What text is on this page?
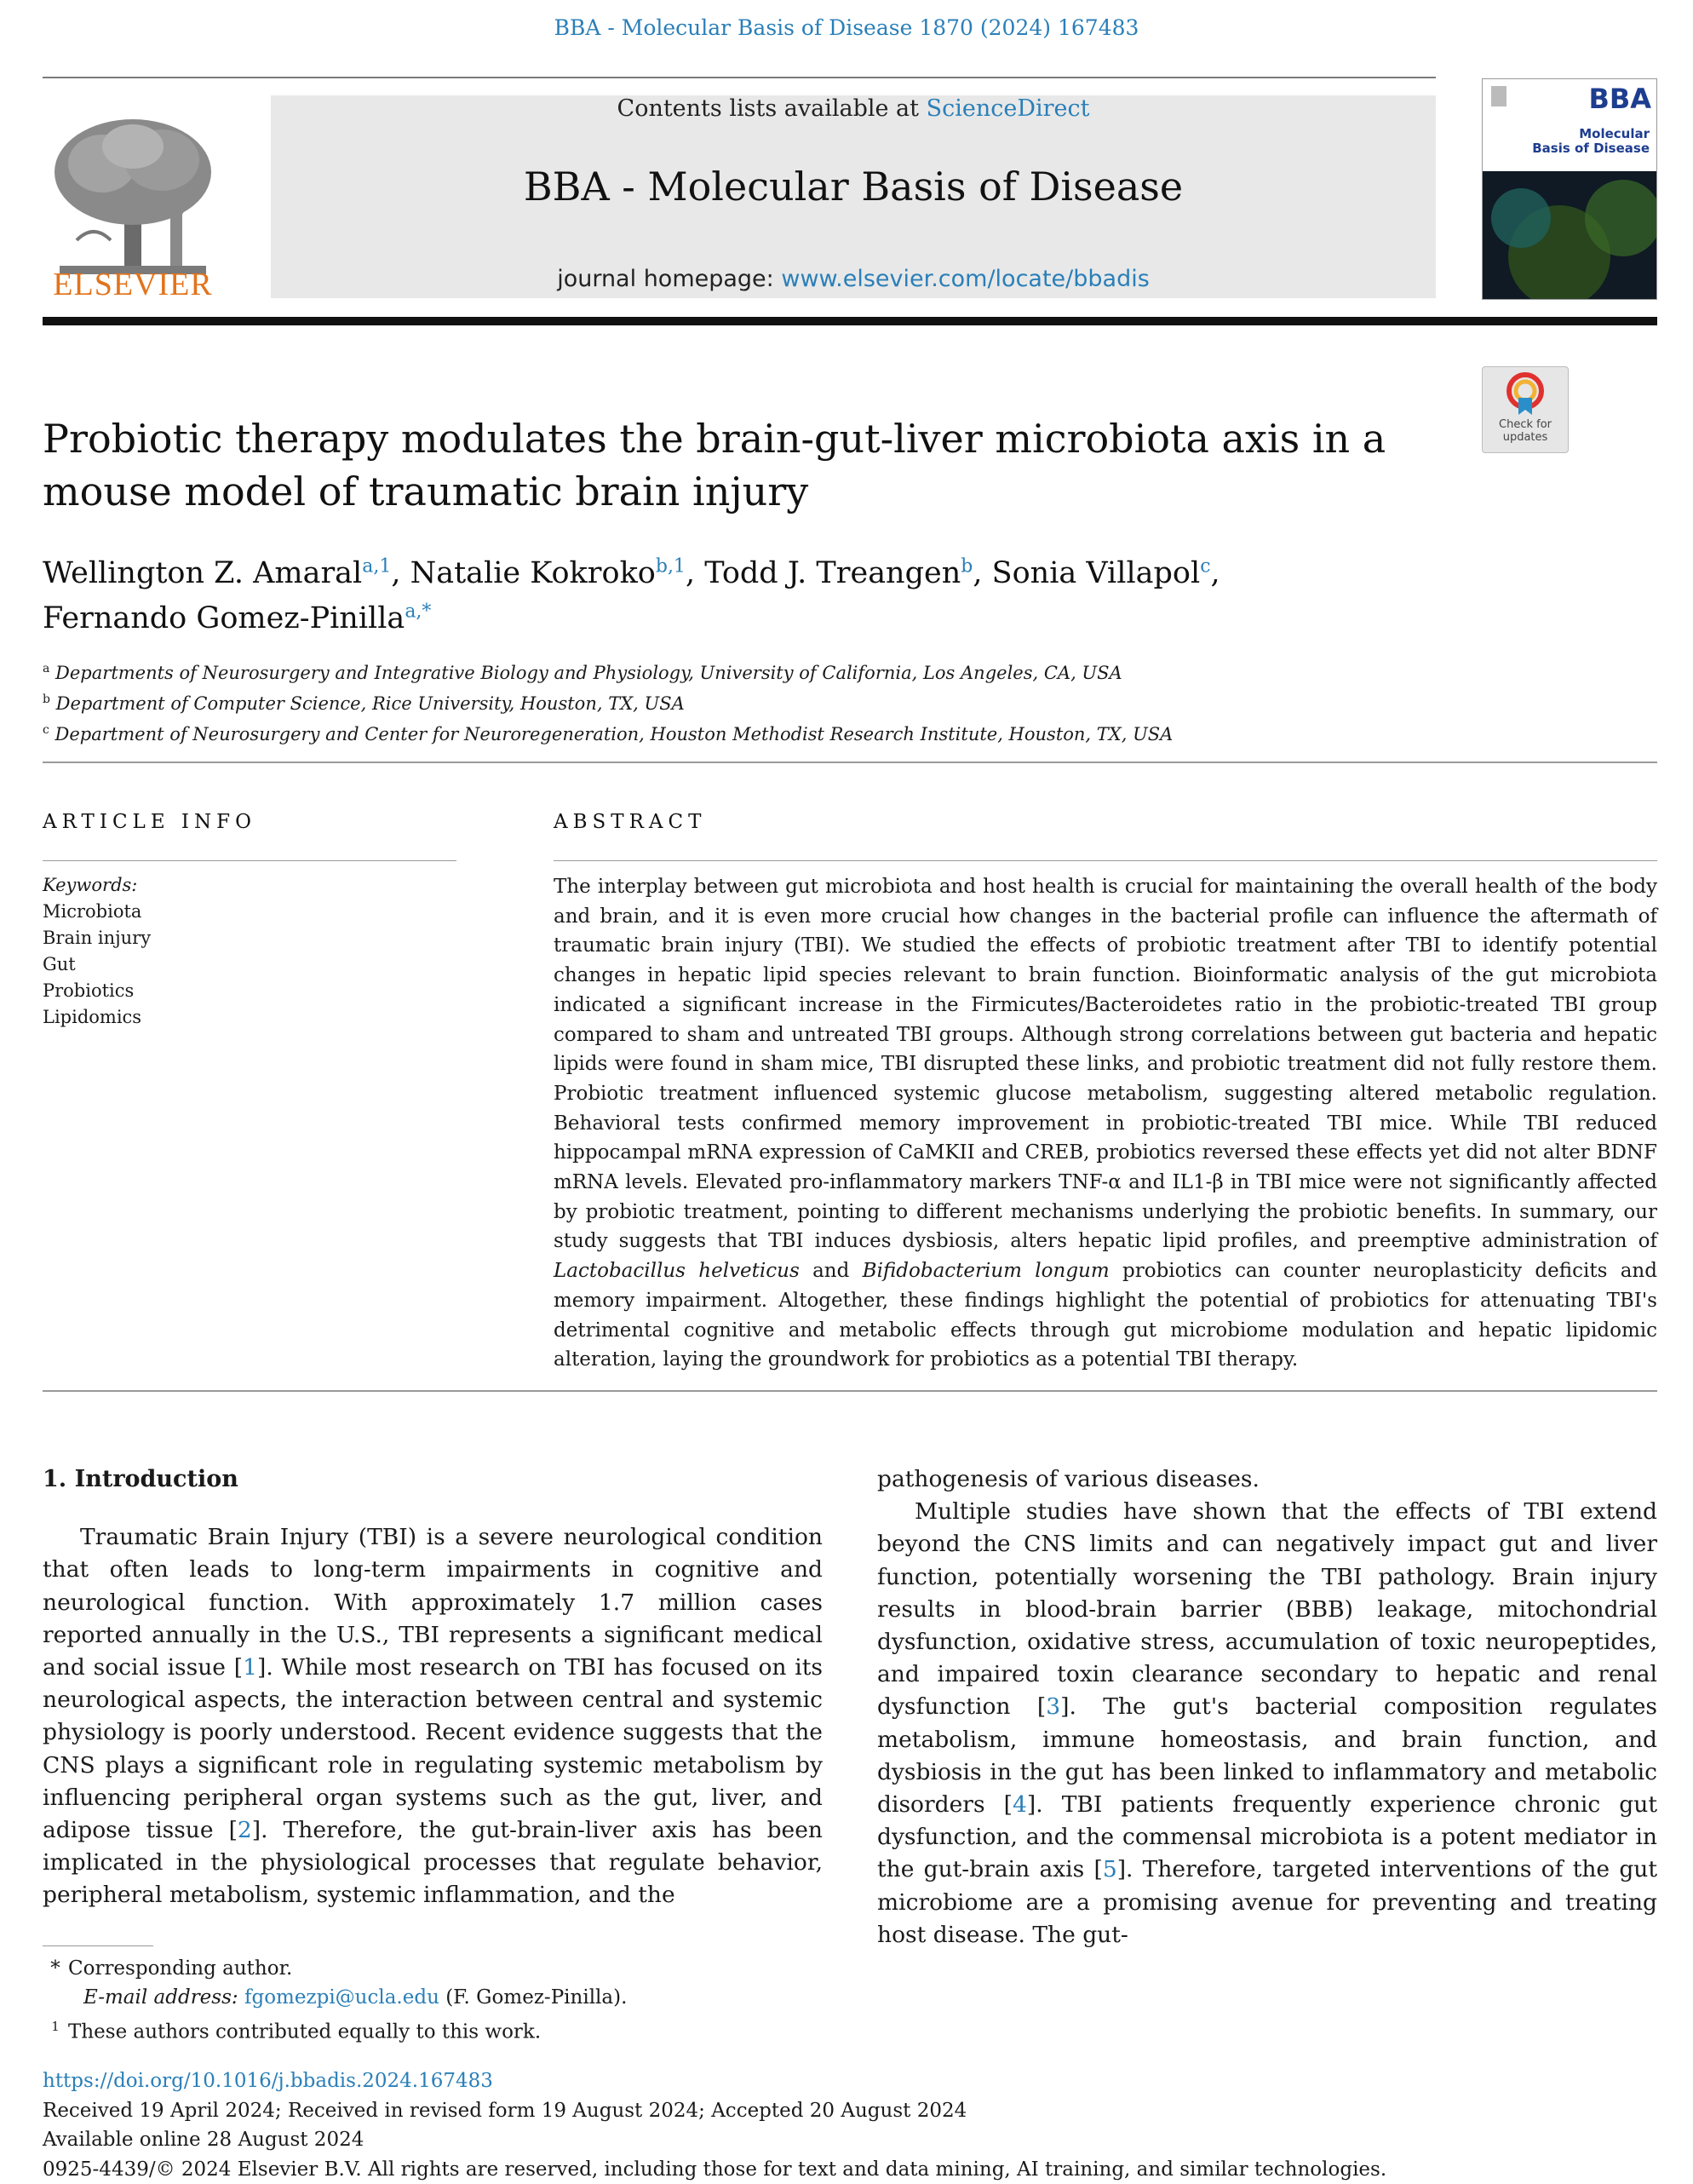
BBA - Molecular Basis of Disease 1870 (2024) 167483
ELSEVIER
Contents lists available at ScienceDirect
BBA - Molecular Basis of Disease
journal homepage: www.elsevier.com/locate/bbadis
BBA
Molecular
Basis of Disease
Check for
updates
Probiotic therapy modulates the brain-gut-liver microbiota axis in a mouse model of traumatic brain injury
Wellington Z. Amaral$^{a,1}$, Natalie Kokroko$^{b,1}$, Todd J. Treangen$^b$, Sonia Villapol$^c$,
Fernando Gomez-Pinilla$^{a,*}$
$^a$ Departments of Neurosurgery and Integrative Biology and Physiology, University of California, Los Angeles, CA, USA
$^b$ Department of Computer Science, Rice University, Houston, TX, USA
$^c$ Department of Neurosurgery and Center for Neuroregeneration, Houston Methodist Research Institute, Houston, TX, USA
ARTICLE INFO
Keywords:
Microbiota
Brain injury
Gut
Probiotics
Lipidomics
ABSTRACT
The interplay between gut microbiota and host health is crucial for maintaining the overall health of the body and brain, and it is even more crucial how changes in the bacterial profile can influence the aftermath of traumatic brain injury (TBI). We studied the effects of probiotic treatment after TBI to identify potential changes in hepatic lipid species relevant to brain function. Bioinformatic analysis of the gut microbiota indicated a significant increase in the Firmicutes/Bacteroidetes ratio in the probiotic-treated TBI group compared to sham and untreated TBI groups. Although strong correlations between gut bacteria and hepatic lipids were found in sham mice, TBI disrupted these links, and probiotic treatment did not fully restore them. Probiotic treatment influenced systemic glucose metabolism, suggesting altered metabolic regulation. Behavioral tests confirmed memory improvement in probiotic-treated TBI mice. While TBI reduced hippocampal mRNA expression of CaMKII and CREB, probiotics reversed these effects yet did not alter BDNF mRNA levels. Elevated pro-inflammatory markers TNF-α and IL1-β in TBI mice were not significantly affected by probiotic treatment, pointing to different mechanisms underlying the probiotic benefits. In summary, our study suggests that TBI induces dysbiosis, alters hepatic lipid profiles, and preemptive administration of Lactobacillus helveticus and Bifidobacterium longum probiotics can counter neuroplasticity deficits and memory impairment. Altogether, these findings highlight the potential of probiotics for attenuating TBI's detrimental cognitive and metabolic effects through gut microbiome modulation and hepatic lipidomic alteration, laying the groundwork for probiotics as a potential TBI therapy.
1. Introduction

Traumatic Brain Injury (TBI) is a severe neurological condition that often leads to long-term impairments in cognitive and neurological function. With approximately 1.7 million cases reported annually in the U.S., TBI represents a significant medical and social issue [1]. While most research on TBI has focused on its neurological aspects, the interaction between central and systemic physiology is poorly understood. Recent evidence suggests that the CNS plays a significant role in regulating systemic metabolism by influencing peripheral organ systems such as the gut, liver, and adipose tissue [2]. Therefore, the gut-brain-liver axis has been implicated in the physiological processes that regulate behavior, peripheral metabolism, systemic inflammation, and the

pathogenesis of various diseases.

Multiple studies have shown that the effects of TBI extend beyond the CNS limits and can negatively impact gut and liver function, potentially worsening the TBI pathology. Brain injury results in blood-brain barrier (BBB) leakage, mitochondrial dysfunction, oxidative stress, accumulation of toxic neuropeptides, and impaired toxin clearance secondary to hepatic and renal dysfunction [3]. The gut's bacterial composition regulates metabolism, immune homeostasis, and brain function, and dysbiosis in the gut has been linked to inflammatory and metabolic disorders [4]. TBI patients frequently experience chronic gut dysfunction, and the commensal microbiota is a potent mediator in the gut-brain axis [5]. Therefore, targeted interventions of the gut microbiome are a promising avenue for preventing and treating host disease. The gut-

* Corresponding author.
E-mail address: fgomezpi@ucla.edu (F. Gomez-Pinilla).
$^1$ These authors contributed equally to this work.
https://doi.org/10.1016/j.bbadis.2024.167483
Received 19 April 2024; Received in revised form 19 August 2024; Accepted 20 August 2024
Available online 28 August 2024
0925-4439/© 2024 Elsevier B.V. All rights are reserved, including those for text and data mining, AI training, and similar technologies.
